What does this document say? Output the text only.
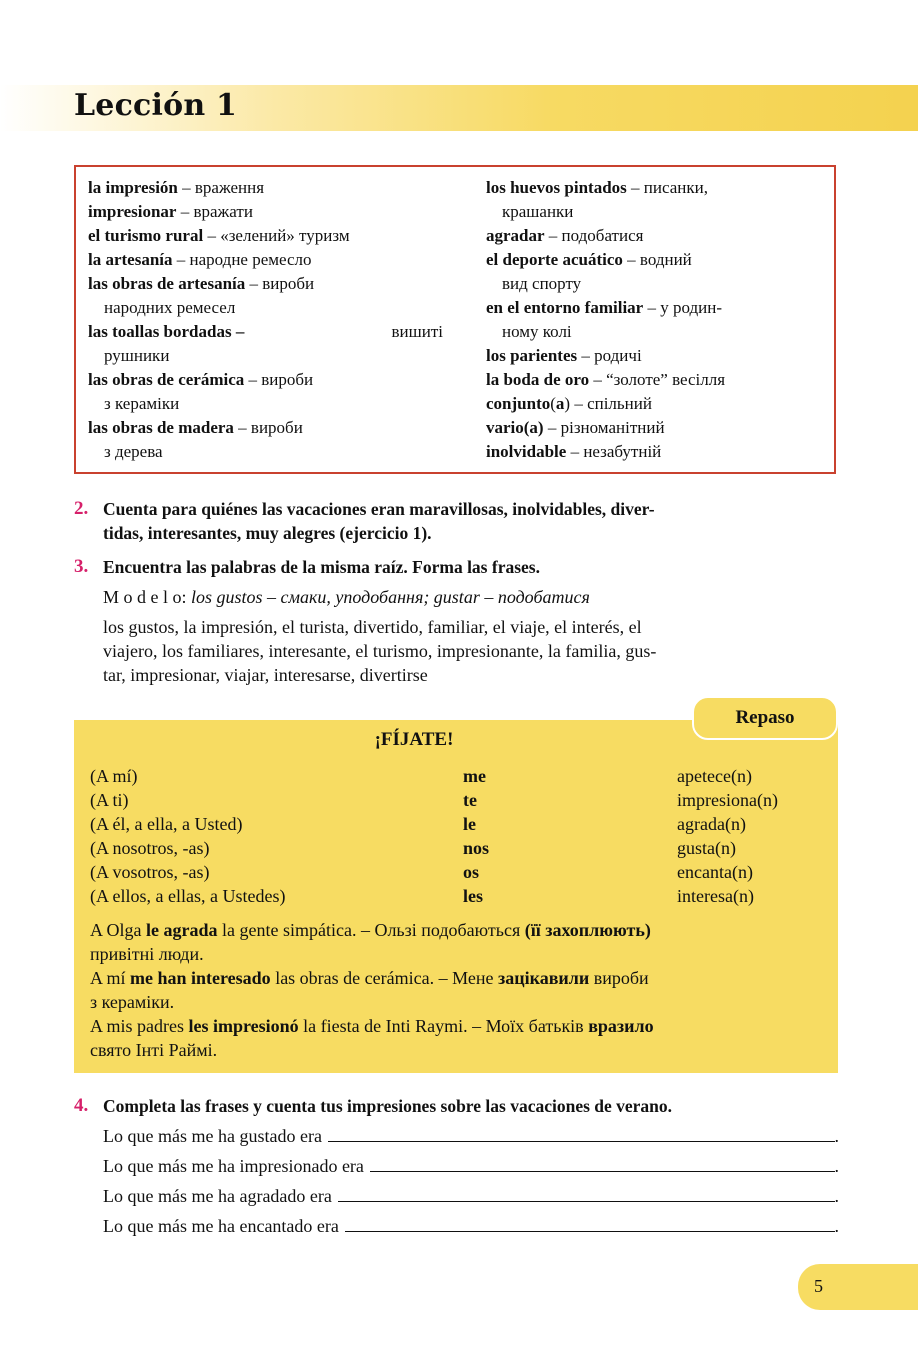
Lección 1
la impresión – враження
impresionar – вражати
el turismo rural – «зелений» туризм
la artesanía – народне ремесло
las obras de artesanía – вироби
народних ремесел
las toallas bordadas –	вишиті
рушники
las obras de cerámica – вироби
з кераміки
las obras de madera – вироби
з дерева
los huevos pintados – писанки,
крашанки
agradar – подобатися
el deporte acuático – водний
вид спорту
en el entorno familiar – у родин-
ному колі
los parientes – родичі
la boda de oro – “золоте” весілля
conjunto(a) – спільний
vario(a) – різноманітний
inolvidable – незабутній
2. Cuenta para quiénes las vacaciones eran maravillosas, inolvidables, diver-
tidas, interesantes, muy alegres (ejercicio 1).
3. Encuentra las palabras de la misma raíz. Forma las frases.
M o d e l o: los gustos – смаки, уподобання; gustar – подобатися
los gustos, la impresión, el turista, divertido, familiar, el viaje, el interés, el
viajero, los familiares, interesante, el turismo, impresionante, la familia, gus-
tar, impresionar, viajar, interesarse, divertirse
Repaso
¡FÍJATE!
(A mí)	me	apetece(n)
(A ti)	te	impresiona(n)
(A él, a ella, a Usted)	le	agrada(n)
(A nosotros, -as)	nos	gusta(n)
(A vosotros, -as)	os	encanta(n)
(A ellos, a ellas, a Ustedes)	les	interesa(n)
A Olga le agrada la gente simpática. – Ользі подобаються (її захоплюють)
привітні люди.
A mí me han interesado las obras de cerámica. – Мене зацікавили вироби
з кераміки.
A mis padres les impresionó la fiesta de Inti Raymi. – Моїх батьків вразило
свято Інті Раймі.
4. Completa las frases y cuenta tus impresiones sobre las vacaciones de verano.
Lo que más me ha gustado era	.
Lo que más me ha impresionado era	.
Lo que más me ha agradado era	.
Lo que más me ha encantado era	.
5
